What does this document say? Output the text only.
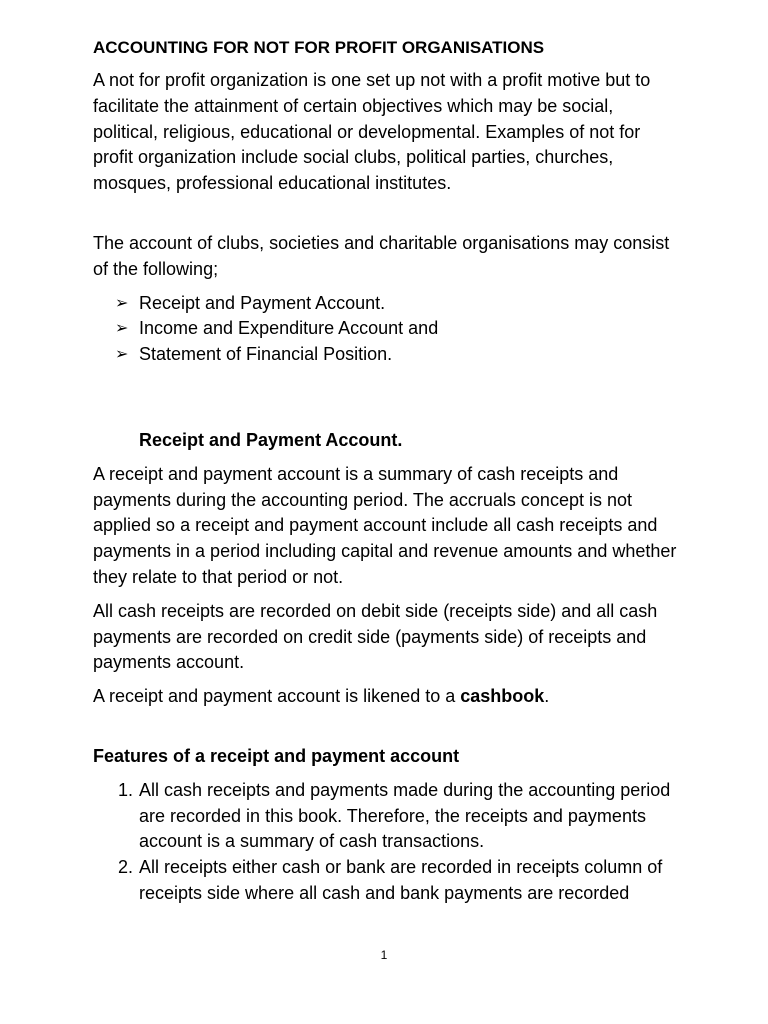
ACCOUNTING FOR NOT FOR PROFIT ORGANISATIONS

A not for profit organization is one set up not with a profit motive but to facilitate the attainment of certain objectives which may be social, political, religious, educational or developmental. Examples of not for profit organization include social clubs, political parties, churches, mosques, professional educational institutes.

The account of clubs, societies and charitable organisations may consist of the following;

➢ Receipt and Payment Account.
➢ Income and Expenditure Account and
➢ Statement of Financial Position.

Receipt and Payment Account.

A receipt and payment account is a summary of cash receipts and payments during the accounting period. The accruals concept is not applied so a receipt and payment account include all cash receipts and payments in a period including capital and revenue amounts and whether they relate to that period or not.

All cash receipts are recorded on debit side (receipts side) and all cash payments are recorded on credit side (payments side) of receipts and payments account.

A receipt and payment account is likened to a cashbook.

Features of a receipt and payment account

1. All cash receipts and payments made during the accounting period are recorded in this book. Therefore, the receipts and payments account is a summary of cash transactions.
2. All receipts either cash or bank are recorded in receipts column of receipts side where all cash and bank payments are recorded
1
